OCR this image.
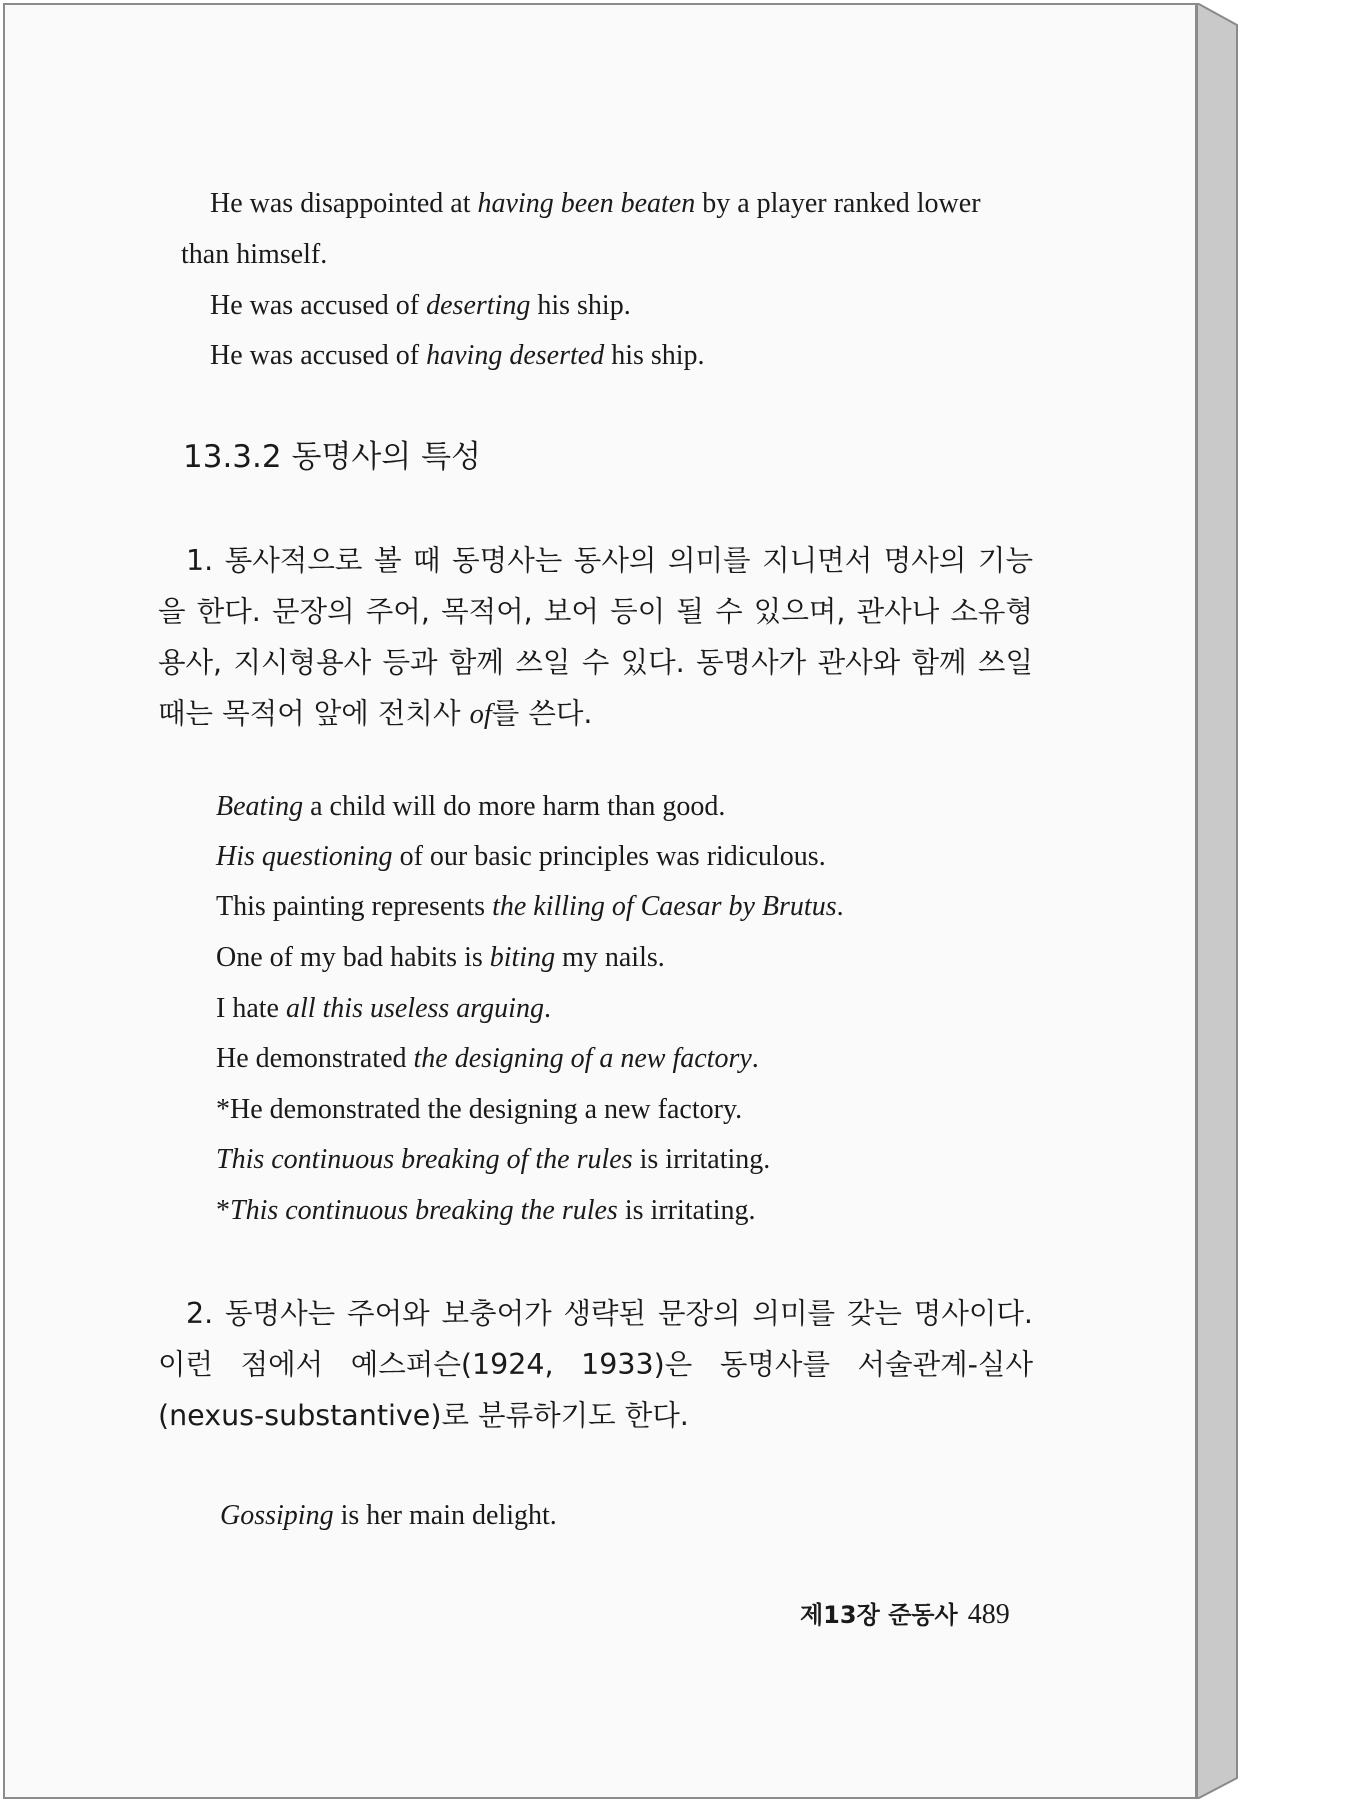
He was disappointed at having been beaten by a player ranked lower
than himself.
He was accused of deserting his ship.
He was accused of having deserted his ship.
13.3.2 동명사의 특성
1. 통사적으로 볼 때 동명사는 동사의 의미를 지니면서 명사의 기능을 한다. 문장의 주어, 목적어, 보어 등이 될 수 있으며, 관사나 소유형용사, 지시형용사 등과 함께 쓰일 수 있다. 동명사가 관사와 함께 쓰일 때는 목적어 앞에 전치사 of를 쓴다.
Beating a child will do more harm than good.
His questioning of our basic principles was ridiculous.
This painting represents the killing of Caesar by Brutus.
One of my bad habits is biting my nails.
I hate all this useless arguing.
He demonstrated the designing of a new factory.
*He demonstrated the designing a new factory.
This continuous breaking of the rules is irritating.
*This continuous breaking the rules is irritating.
2. 동명사는 주어와 보충어가 생략된 문장의 의미를 갖는 명사이다. 이런 점에서 예스퍼슨(1924, 1933)은 동명사를 서술관계-실사(nexus-substantive)로 분류하기도 한다.
Gossiping is her main delight.
제13장 준동사 489
